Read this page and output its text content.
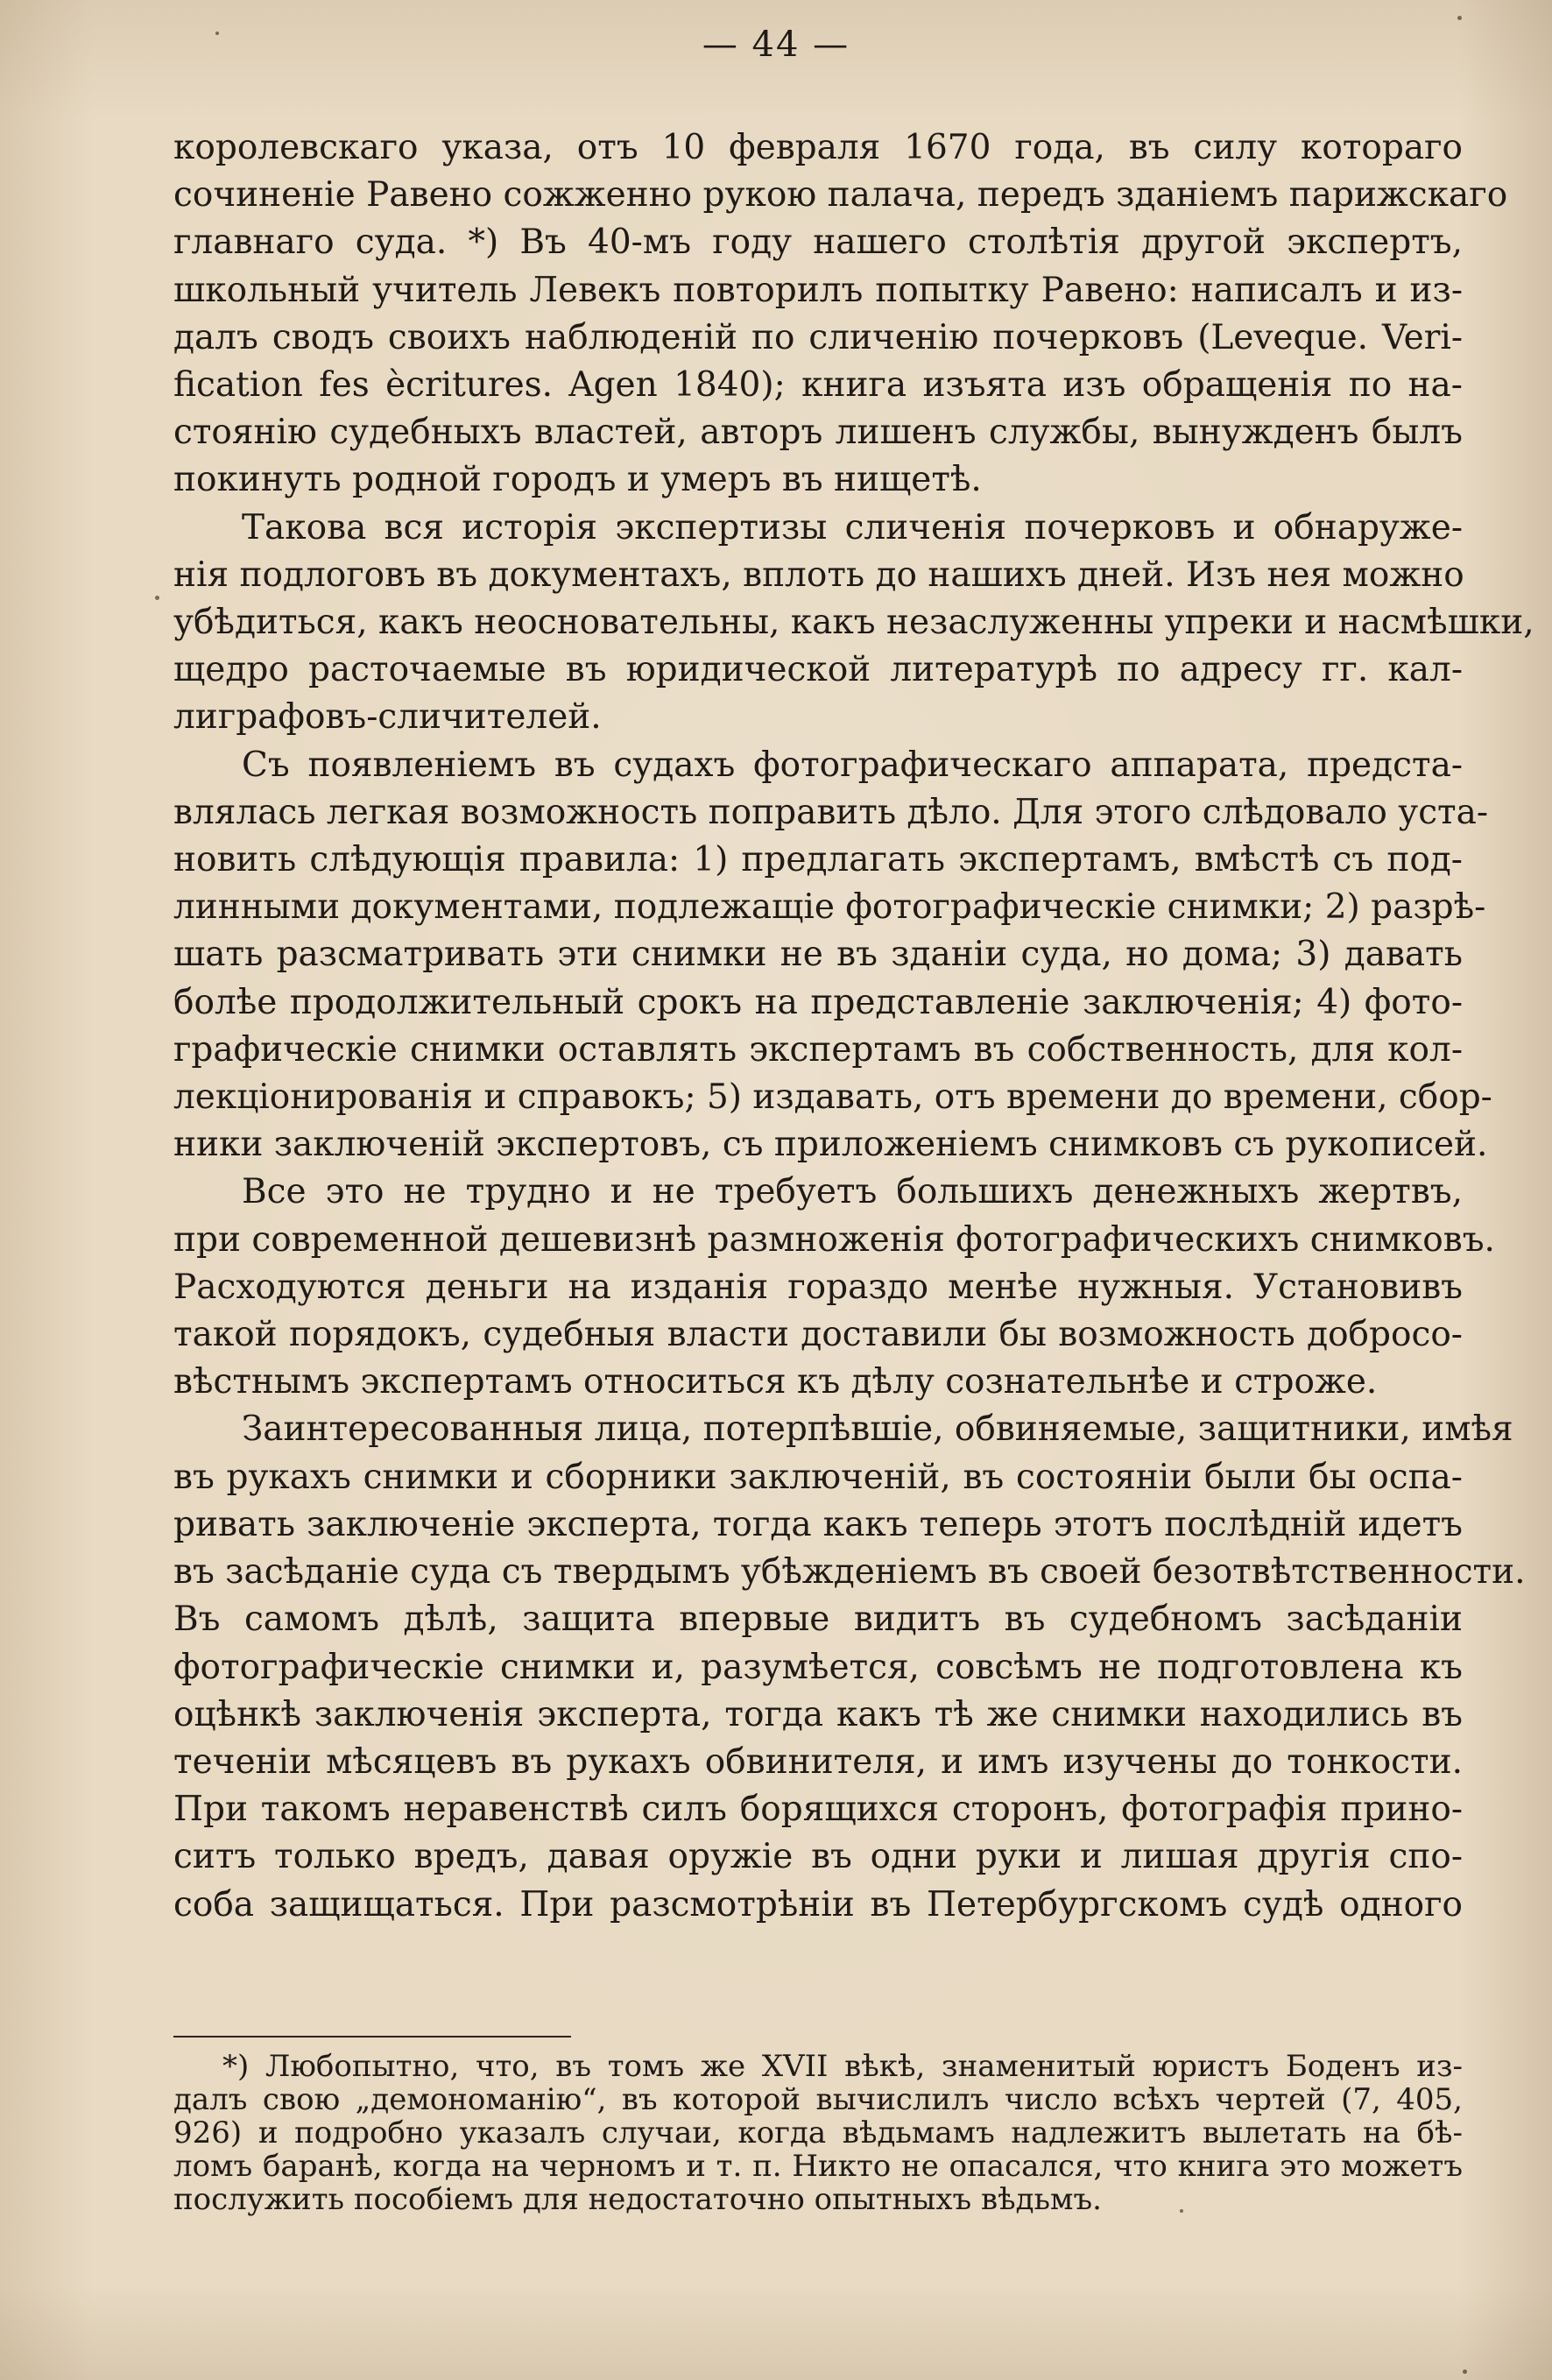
— 44 —

королевскаго указа, отъ 10 февраля 1670 года, въ силу котораго
сочиненіе Равено сожженно рукою палача, передъ зданіемъ парижскаго
главнаго суда. *) Въ 40-мъ году нашего столѣтія другой экспертъ,
школьный учитель Левекъ повторилъ попытку Равено: написалъ и из-
далъ сводъ своихъ наблюденій по сличенію почерковъ (Leveque. Veri-
fication fes ècritures. Agen 1840); книга изъята изъ обращенія по на-
стоянію судебныхъ властей, авторъ лишенъ службы, вынужденъ былъ
покинуть родной городъ и умеръ въ нищетѣ.

Такова вся исторія экспертизы сличенія почерковъ и обнаруже-
нія подлоговъ въ документахъ, вплоть до нашихъ дней. Изъ нея можно
убѣдиться, какъ неосновательны, какъ незаслуженны упреки и насмѣшки,
щедро расточаемые въ юридической литературѣ по адресу гг. кал-
лиграфовъ-сличителей.

Съ появленіемъ въ судахъ фотографическаго аппарата, предста-
влялась легкая возможность поправить дѣло. Для этого слѣдовало уста-
новить слѣдующія правила: 1) предлагать экспертамъ, вмѣстѣ съ под-
линными документами, подлежащіе фотографическіе снимки; 2) разрѣ-
шать разсматривать эти снимки не въ зданіи суда, но дома; 3) давать
болѣе продолжительный срокъ на представленіе заключенія; 4) фото-
графическіе снимки оставлять экспертамъ въ собственность, для кол-
лекціонированія и справокъ; 5) издавать, отъ времени до времени, сбор-
ники заключеній экспертовъ, съ приложеніемъ снимковъ съ рукописей.

Все это не трудно и не требуетъ большихъ денежныхъ жертвъ,
при современной дешевизнѣ размноженія фотографическихъ снимковъ.
Расходуются деньги на изданія гораздо менѣе нужныя. Установивъ
такой порядокъ, судебныя власти доставили бы возможность добросо-
вѣстнымъ экспертамъ относиться къ дѣлу сознательнѣе и строже.

Заинтересованныя лица, потерпѣвшіе, обвиняемые, защитники, имѣя
въ рукахъ снимки и сборники заключеній, въ состояніи были бы оспа-
ривать заключеніе эксперта, тогда какъ теперь этотъ послѣдній идетъ
въ засѣданіе суда съ твердымъ убѣжденіемъ въ своей безотвѣтственности.
Въ самомъ дѣлѣ, защита впервые видитъ въ судебномъ засѣданіи
фотографическіе снимки и, разумѣется, совсѣмъ не подготовлена къ
оцѣнкѣ заключенія эксперта, тогда какъ тѣ же снимки находились въ
теченіи мѣсяцевъ въ рукахъ обвинителя, и имъ изучены до тонкости.
При такомъ неравенствѣ силъ борящихся сторонъ, фотографія прино-
ситъ только вредъ, давая оружіе въ одни руки и лишая другія спо-
соба защищаться. При разсмотрѣніи въ Петербургскомъ судѣ одного

*) Любопытно, что, въ томъ же XVII вѣкѣ, знаменитый юристъ Боденъ из-
далъ свою „демономанію“, въ которой вычислилъ число всѣхъ чертей (7, 405,
926) и подробно указалъ случаи, когда вѣдьмамъ надлежитъ вылетать на бѣ-
ломъ баранѣ, когда на черномъ и т. п. Никто не опасался, что книга это можетъ
послужить пособіемъ для недостаточно опытныхъ вѣдьмъ.
